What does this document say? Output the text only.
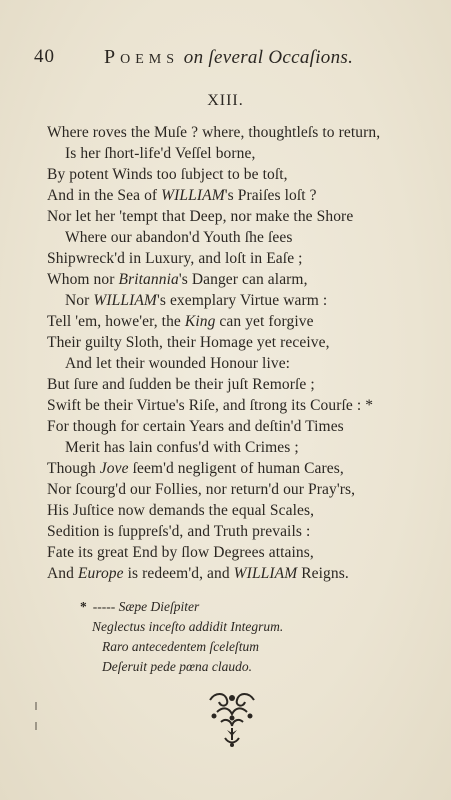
40 POEMS on ſeveral Occaſions.
XIII.
Where roves the Muſe ? where, thoughtleſs to return,
Is her ſhort-life'd Veſſel borne,
By potent Winds too ſubject to be toſt,
And in the Sea of WILLIAM's Praiſes loſt ?
Nor let her 'tempt that Deep, nor make the Shore
Where our abandon'd Youth ſhe ſees
Shipwreck'd in Luxury, and loſt in Eaſe ;
Whom nor Britannia's Danger can alarm,
Nor WILLIAM's exemplary Virtue warm :
Tell 'em, howe'er, the King can yet forgive
Their guilty Sloth, their Homage yet receive,
And let their wounded Honour live:
But ſure and ſudden be their juſt Remorſe ;
Swift be their Virtue's Riſe, and ſtrong its Courſe : *
For though for certain Years and deſtin'd Times
Merit has lain confus'd with Crimes ;
Though Jove ſeem'd negligent of human Cares,
Nor ſcourg'd our Follies, nor return'd our Pray'rs,
His Juſtice now demands the equal Scales,
Sedition is ſuppreſs'd, and Truth prevails :
Fate its great End by ſlow Degrees attains,
And Europe is redeem'd, and WILLIAM Reigns.
* ----- Sæpe Dieſpiter
Neglectus inceſto addidit Integrum.
Raro antecedentem ſceleſtum
Deſeruit pede pœna claudo.
